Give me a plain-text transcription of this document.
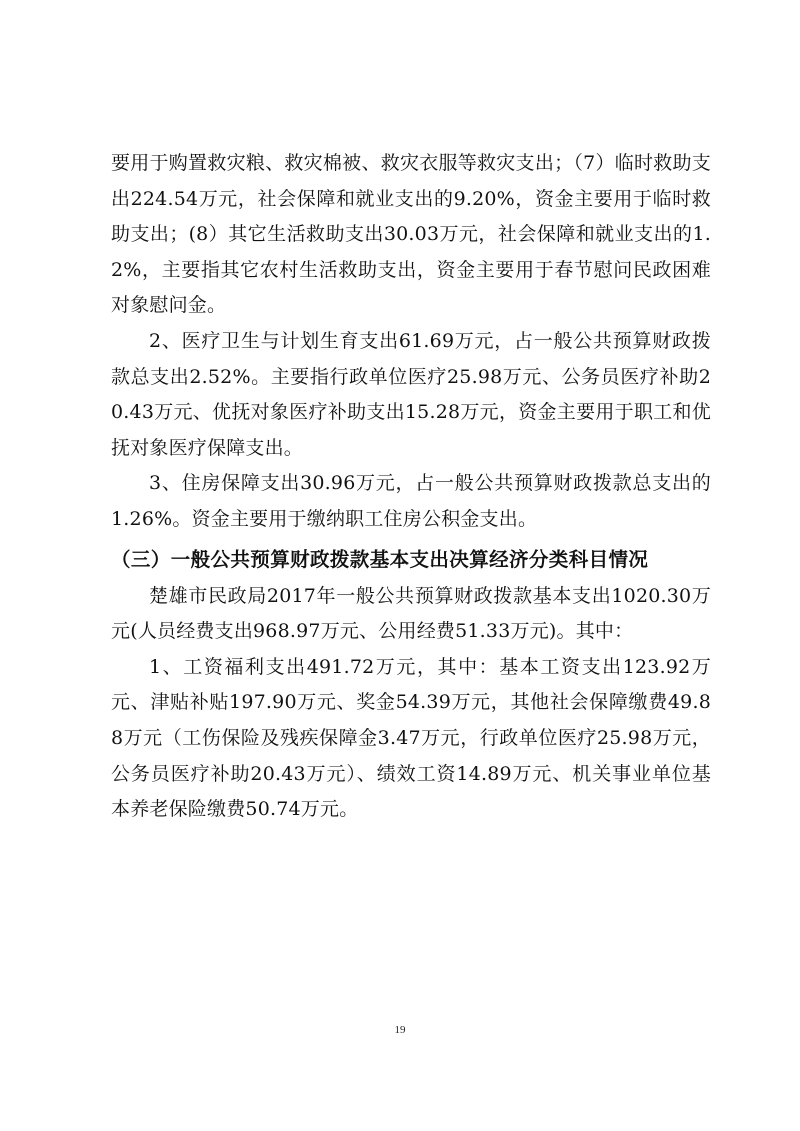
要用于购置救灾粮、救灾棉被、救灾衣服等救灾支出；（7）临时救助支出224.54万元，社会保障和就业支出的9.20%，资金主要用于临时救助支出；(8）其它生活救助支出30.03万元，社会保障和就业支出的1.2%，主要指其它农村生活救助支出，资金主要用于春节慰问民政困难对象慰问金。

2、医疗卫生与计划生育支出61.69万元，占一般公共预算财政拨款总支出2.52%。主要指行政单位医疗25.98万元、公务员医疗补助20.43万元、优抚对象医疗补助支出15.28万元，资金主要用于职工和优抚对象医疗保障支出。

3、住房保障支出30.96万元，占一般公共预算财政拨款总支出的1.26%。资金主要用于缴纳职工住房公积金支出。

（三）一般公共预算财政拨款基本支出决算经济分类科目情况

楚雄市民政局2017年一般公共预算财政拨款基本支出1020.30万元(人员经费支出968.97万元、公用经费51.33万元)。其中：

1、工资福利支出491.72万元，其中：基本工资支出123.92万元、津贴补贴197.90万元、奖金54.39万元，其他社会保障缴费49.88万元（工伤保险及残疾保障金3.47万元，行政单位医疗25.98万元，公务员医疗补助20.43万元）、绩效工资14.89万元、机关事业单位基本养老保险缴费50.74万元。

19
